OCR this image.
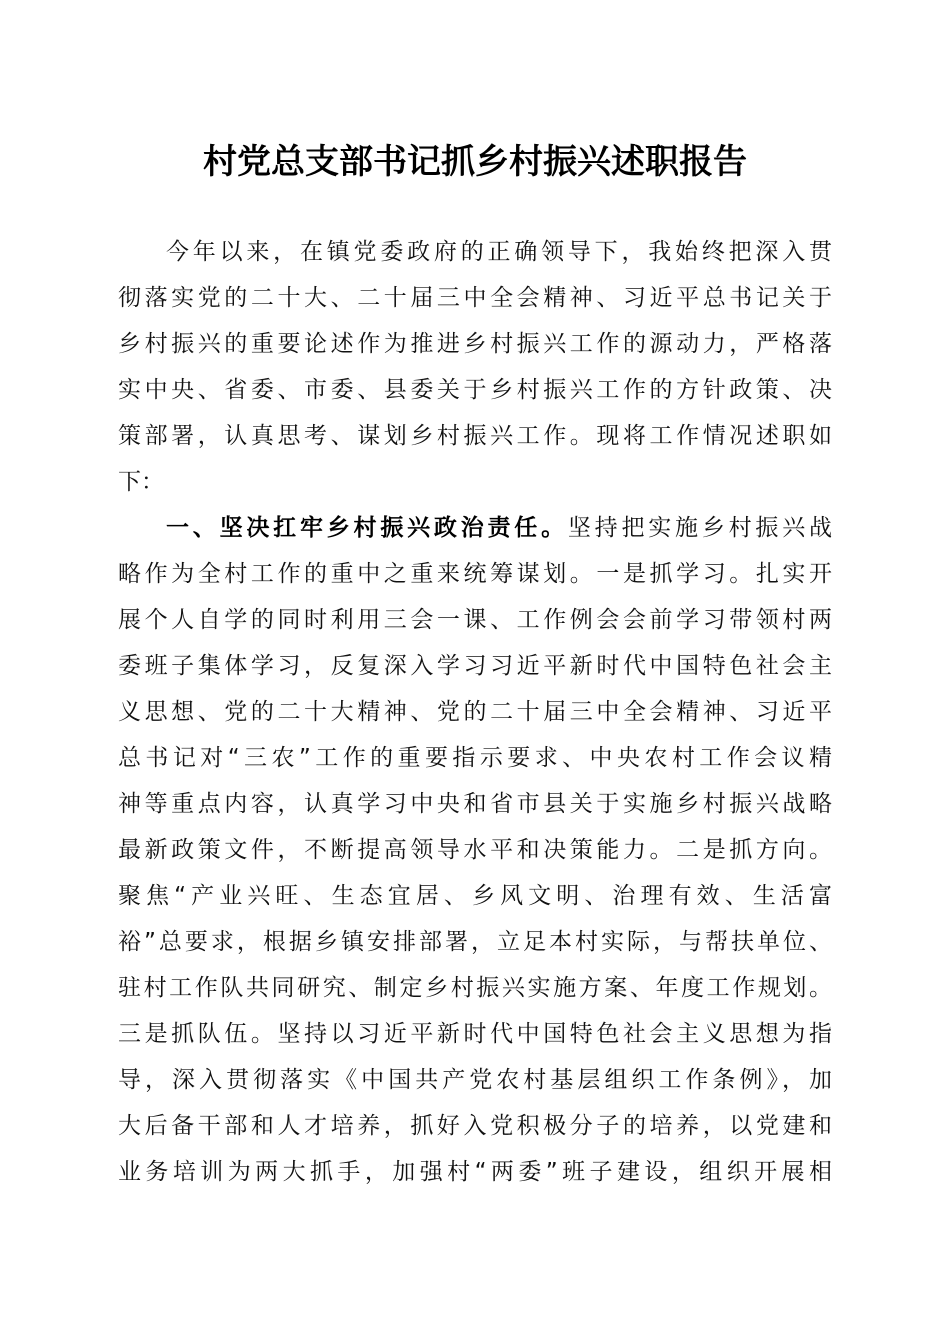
村党总支部书记抓乡村振兴述职报告
今年以来，在镇党委政府的正确领导下，我始终把深入贯
彻落实党的二十大、二十届三中全会精神、习近平总书记关于
乡村振兴的重要论述作为推进乡村振兴工作的源动力，严格落
实中央、省委、市委、县委关于乡村振兴工作的方针政策、决
策部署，认真思考、谋划乡村振兴工作。现将工作情况述职如
下：
一、坚决扛牢乡村振兴政治责任。坚持把实施乡村振兴战
略作为全村工作的重中之重来统筹谋划。一是抓学习。扎实开
展个人自学的同时利用三会一课、工作例会会前学习带领村两
委班子集体学习，反复深入学习习近平新时代中国特色社会主
义思想、党的二十大精神、党的二十届三中全会精神、习近平
总书记对“三农”工作的重要指示要求、中央农村工作会议精
神等重点内容，认真学习中央和省市县关于实施乡村振兴战略
最新政策文件，不断提高领导水平和决策能力。二是抓方向。
聚焦“产业兴旺、生态宜居、乡风文明、治理有效、生活富
裕”总要求，根据乡镇安排部署，立足本村实际，与帮扶单位、
驻村工作队共同研究、制定乡村振兴实施方案、年度工作规划。
三是抓队伍。坚持以习近平新时代中国特色社会主义思想为指
导，深入贯彻落实《中国共产党农村基层组织工作条例》，加
大后备干部和人才培养，抓好入党积极分子的培养，以党建和
业务培训为两大抓手，加强村“两委”班子建设，组织开展相
